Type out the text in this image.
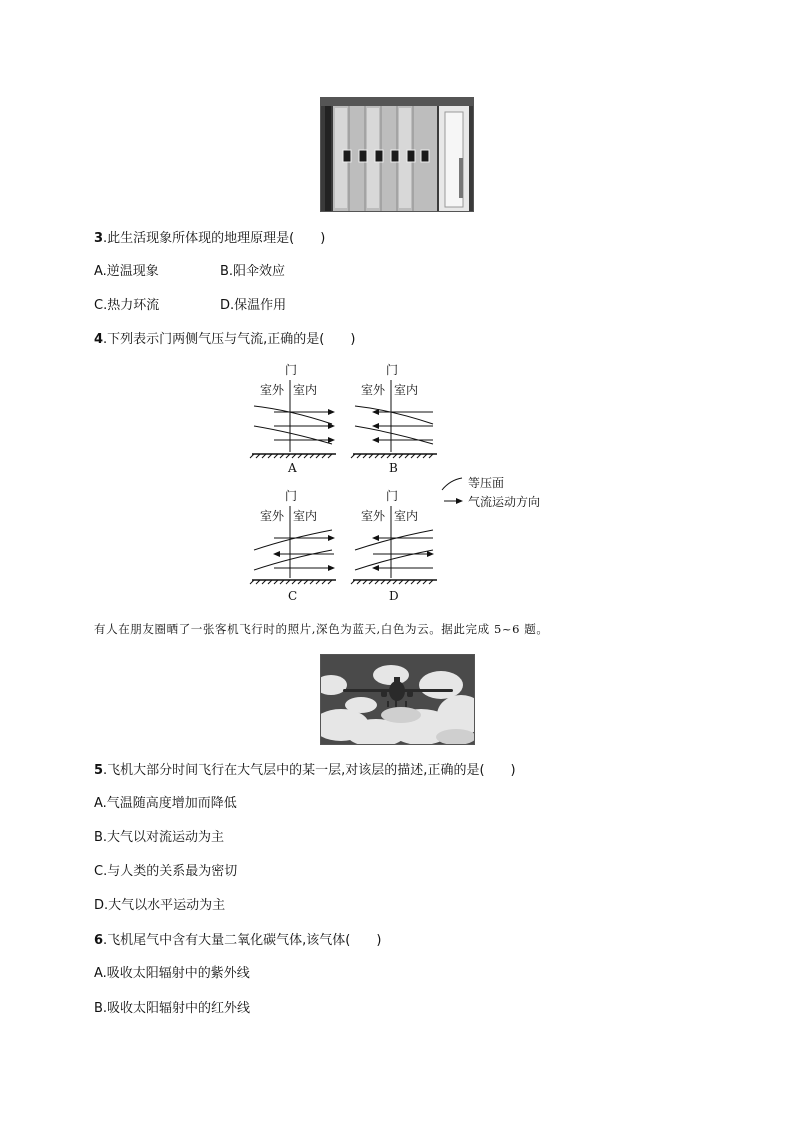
3.此生活现象所体现的地理原理是(　　)
A.逆温现象	B.阳伞效应
C.热力环流	D.保温作用
4.下列表示门两侧气压与气流,正确的是(　　)
门
室外 室内
A
门
室外 室内
B
门
室外 室内
C
门
室外 室内
D
等压面
气流运动方向
有人在朋友圈晒了一张客机飞行时的照片,深色为蓝天,白色为云。据此完成 5~6 题。
5.飞机大部分时间飞行在大气层中的某一层,对该层的描述,正确的是(　　)
A.气温随高度增加而降低
B.大气以对流运动为主
C.与人类的关系最为密切
D.大气以水平运动为主
6.飞机尾气中含有大量二氧化碳气体,该气体(　　)
A.吸收太阳辐射中的紫外线
B.吸收太阳辐射中的红外线
